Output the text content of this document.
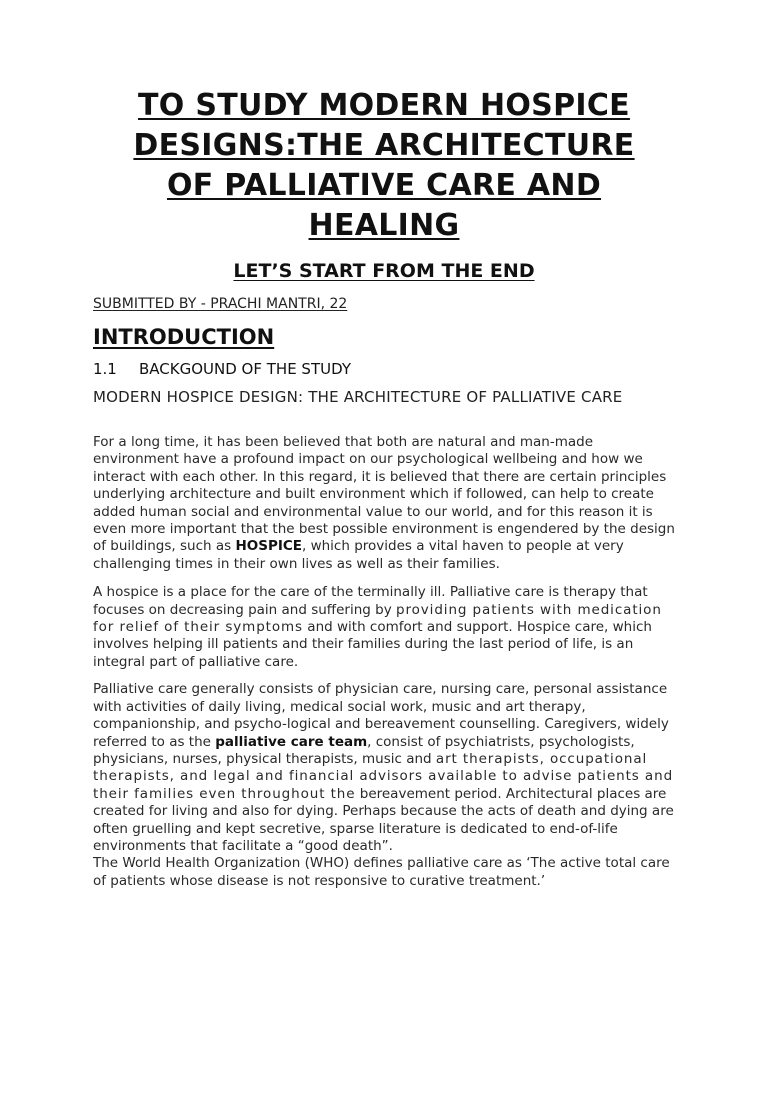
TO STUDY MODERN HOSPICE
DESIGNS:THE ARCHITECTURE
OF PALLIATIVE CARE AND
HEALING
LET’S START FROM THE END
SUBMITTED BY - PRACHI MANTRI, 22
INTRODUCTION
1.1 BACKGOUND OF THE STUDY
MODERN HOSPICE DESIGN: THE ARCHITECTURE OF PALLIATIVE CARE

For a long time, it has been believed that both are natural and man-made environment have a profound impact on our psychological wellbeing and how we interact with each other. In this regard, it is believed that there are certain principles underlying architecture and built environment which if followed, can help to create added human social and environmental value to our world, and for this reason it is even more important that the best possible environment is engendered by the design of buildings, such as HOSPICE, which provides a vital haven to people at very challenging times in their own lives as well as their families.

A hospice is a place for the care of the terminally ill. Palliative care is therapy that focuses on decreasing pain and suffering by providing patients with medication for relief of their symptoms and with comfort and support. Hospice care, which involves helping ill patients and their families during the last period of life, is an integral part of palliative care.

Palliative care generally consists of physician care, nursing care, personal assistance with activities of daily living, medical social work, music and art therapy, companionship, and psycho-logical and bereavement counselling. Caregivers, widely referred to as the palliative care team, consist of psychiatrists, psychologists, physicians, nurses, physical therapists, music and art therapists, occupational therapists, and legal and financial advisors available to advise patients and their families even throughout the bereavement period. Architectural places are created for living and also for dying. Perhaps because the acts of death and dying are often gruelling and kept secretive, sparse literature is dedicated to end-of-life environments that facilitate a “good death”.
The World Health Organization (WHO) defines palliative care as ‘The active total care of patients whose disease is not responsive to curative treatment.’
